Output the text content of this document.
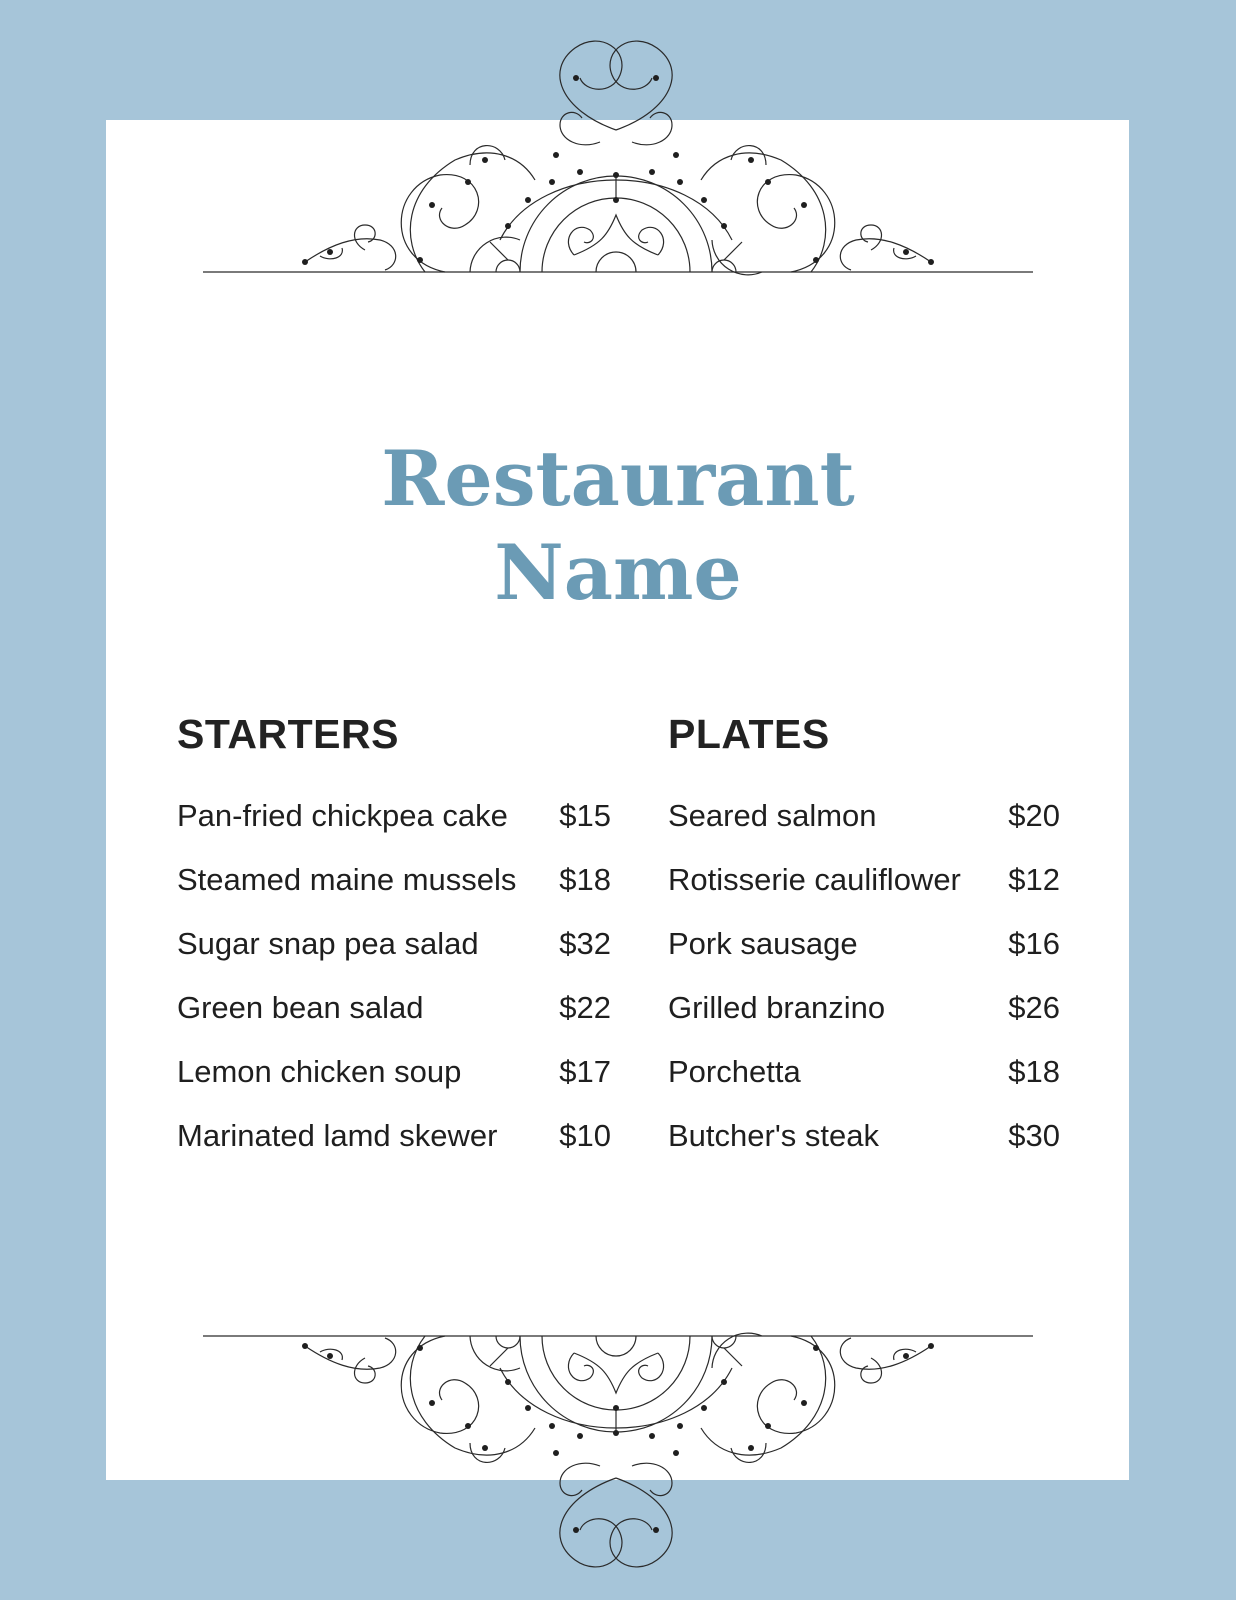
Restaurant
Name
STARTERS
Pan-fried chickpea cake $15
Steamed maine mussels $18
Sugar snap pea salad	$32
Green bean salad	$22
Lemon chicken soup	$17
Marinated lamd skewer $10
PLATES
Seared salmon	$20
Rotisserie cauliflower $12
Pork sausage	$16
Grilled branzino	$26
Porchetta	$18
Butcher's steak	$30
